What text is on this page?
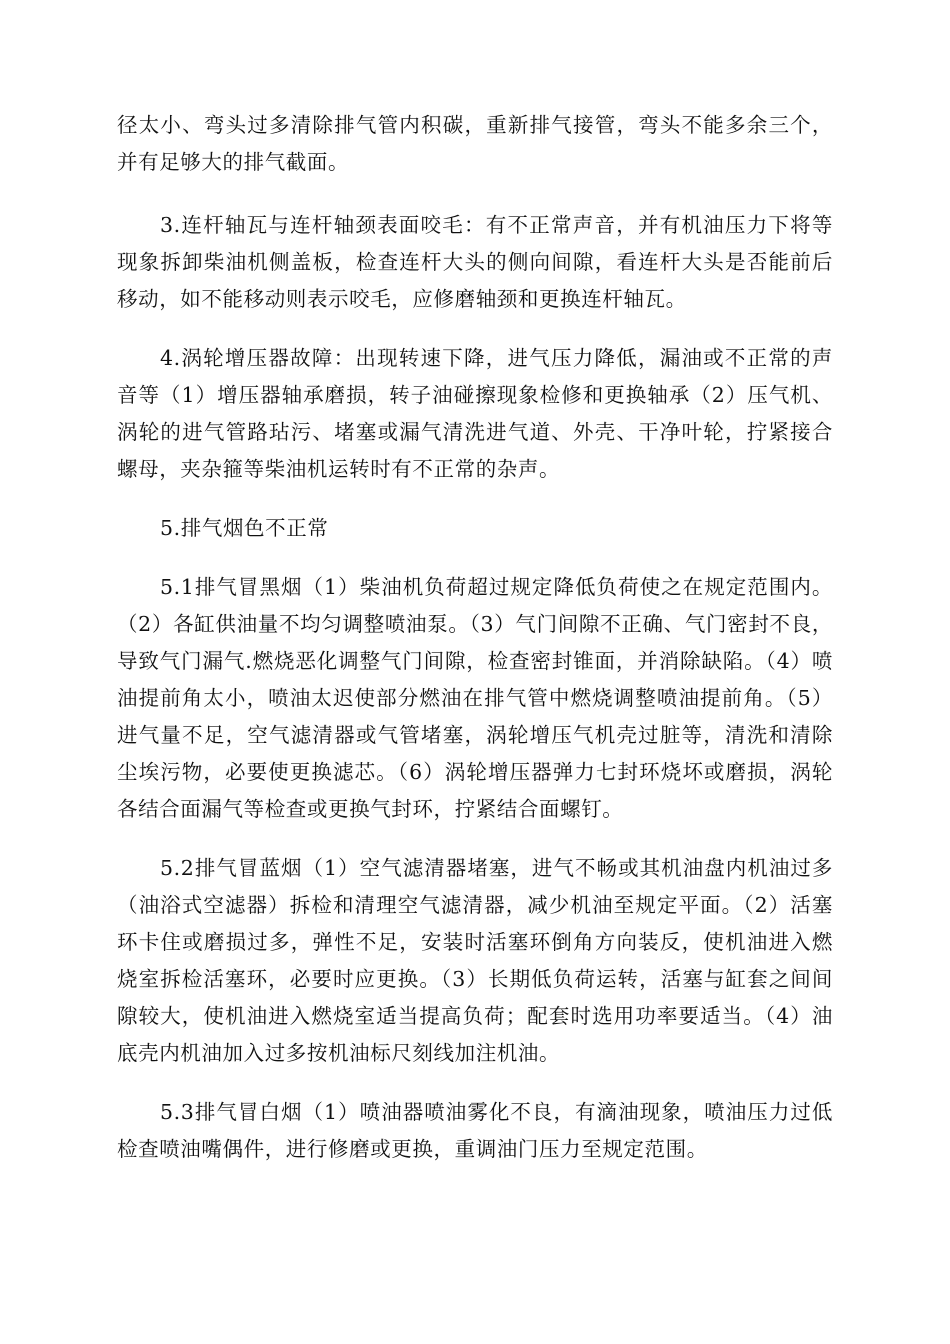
径太小、弯头过多清除排气管内积碳，重新排气接管，弯头不能多余三个，并有足够大的排气截面。

3.连杆轴瓦与连杆轴颈表面咬毛：有不正常声音，并有机油压力下将等现象拆卸柴油机侧盖板，检查连杆大头的侧向间隙，看连杆大头是否能前后移动，如不能移动则表示咬毛，应修磨轴颈和更换连杆轴瓦。

4.涡轮增压器故障：出现转速下降，进气压力降低，漏油或不正常的声音等（1）增压器轴承磨损，转子油碰擦现象检修和更换轴承（2）压气机、涡轮的进气管路玷污、堵塞或漏气清洗进气道、外壳、干净叶轮，拧紧接合螺母，夹杂箍等柴油机运转时有不正常的杂声。

5.排气烟色不正常

5.1排气冒黑烟（1）柴油机负荷超过规定降低负荷使之在规定范围内。（2）各缸供油量不均匀调整喷油泵。（3）气门间隙不正确、气门密封不良，导致气门漏气.燃烧恶化调整气门间隙，检查密封锥面，并消除缺陷。（4）喷油提前角太小，喷油太迟使部分燃油在排气管中燃烧调整喷油提前角。（5）进气量不足，空气滤清器或气管堵塞，涡轮增压气机壳过脏等，清洗和清除尘埃污物，必要使更换滤芯。（6）涡轮增压器弹力七封环烧坏或磨损，涡轮各结合面漏气等检查或更换气封环，拧紧结合面螺钉。

5.2排气冒蓝烟（1）空气滤清器堵塞，进气不畅或其机油盘内机油过多（油浴式空滤器）拆检和清理空气滤清器，减少机油至规定平面。（2）活塞环卡住或磨损过多，弹性不足，安装时活塞环倒角方向装反，使机油进入燃烧室拆检活塞环，必要时应更换。（3）长期低负荷运转，活塞与缸套之间间隙较大，使机油进入燃烧室适当提高负荷；配套时选用功率要适当。（4）油底壳内机油加入过多按机油标尺刻线加注机油。

5.3排气冒白烟（1）喷油器喷油雾化不良，有滴油现象，喷油压力过低检查喷油嘴偶件，进行修磨或更换，重调油门压力至规定范围。
